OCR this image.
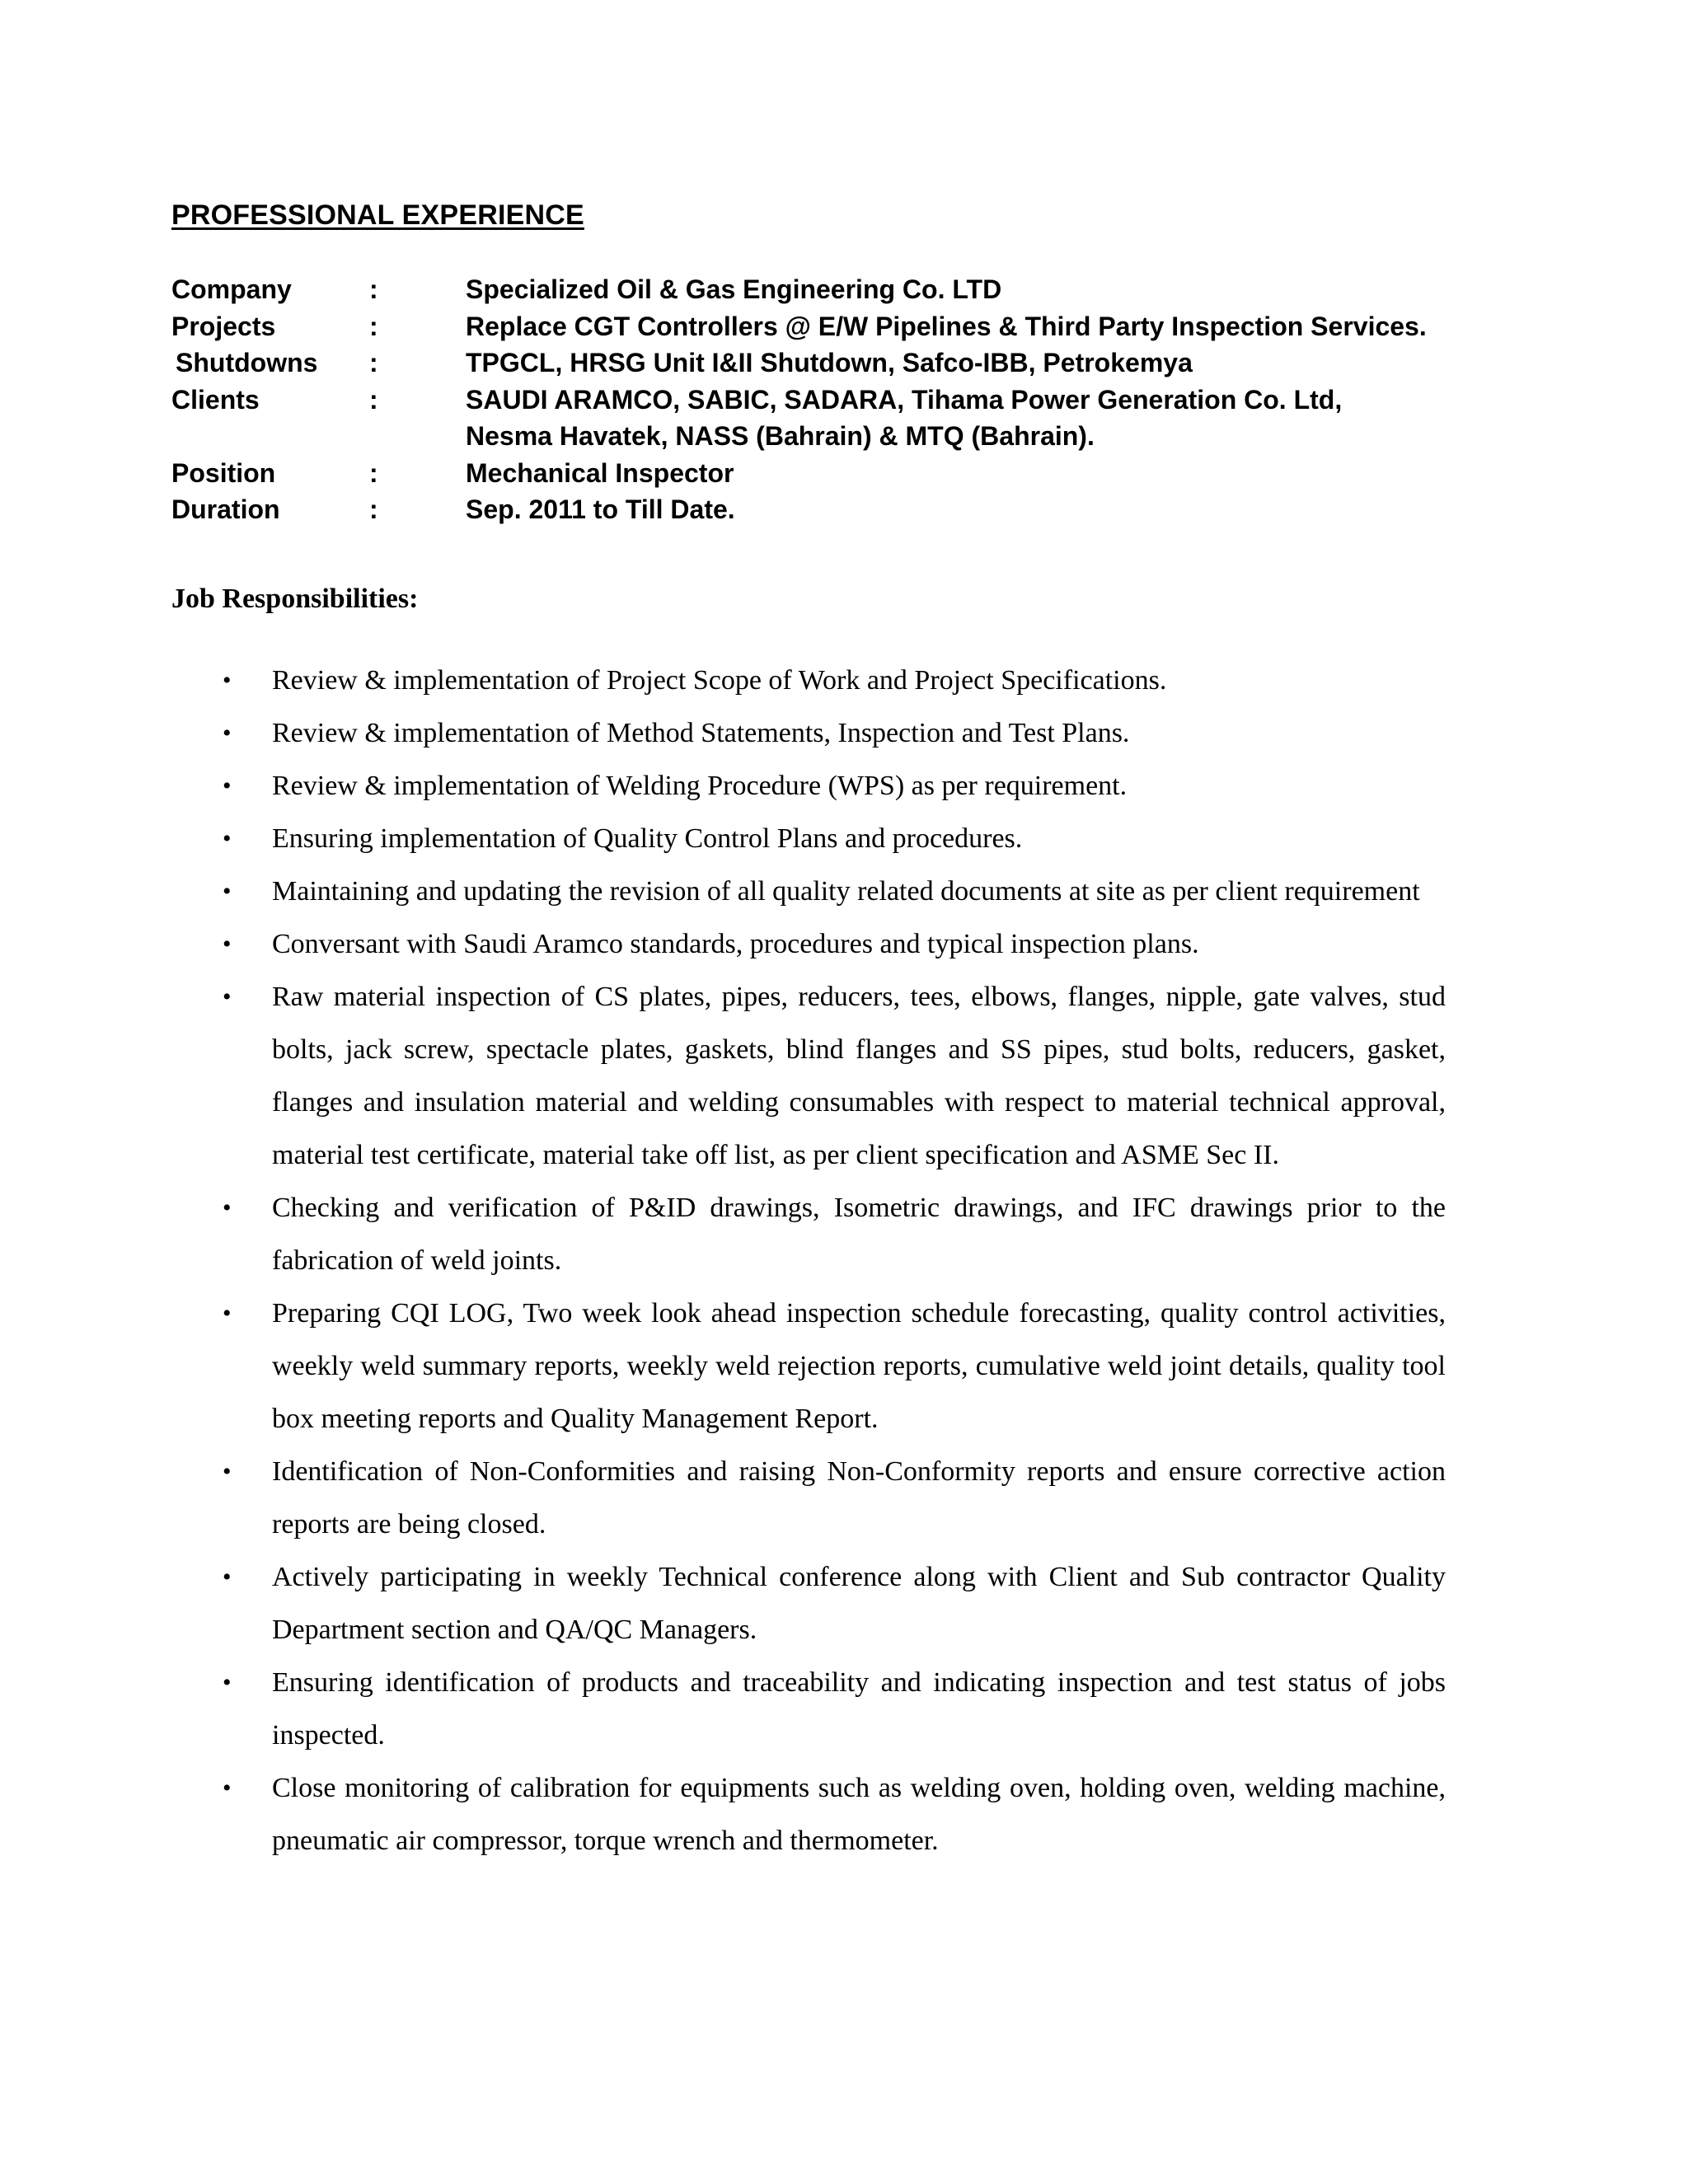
PROFESSIONAL EXPERIENCE
Company	:	Specialized Oil & Gas Engineering Co. LTD
Projects	:	Replace CGT Controllers @ E/W Pipelines & Third Party Inspection Services.
Shutdowns	:	TPGCL, HRSG Unit I&II Shutdown, Safco-IBB, Petrokemya
Clients	:	SAUDI ARAMCO, SABIC, SADARA, Tihama Power Generation Co. Ltd,
Nesma Havatek, NASS (Bahrain) & MTQ (Bahrain).
Position	:	Mechanical Inspector
Duration	:	Sep. 2011 to Till Date.
Job Responsibilities:
•	Review & implementation of Project Scope of Work and Project Specifications.
•	Review & implementation of Method Statements, Inspection and Test Plans.
•	Review & implementation of Welding Procedure (WPS) as per requirement.
•	Ensuring implementation of Quality Control Plans and procedures.
•	Maintaining and updating the revision of all quality related documents at site as per client requirement
•	Conversant with Saudi Aramco standards, procedures and typical inspection plans.
•	Raw material inspection of CS plates, pipes, reducers, tees, elbows, flanges, nipple, gate valves, stud bolts, jack screw, spectacle plates, gaskets, blind flanges and SS pipes, stud bolts, reducers, gasket, flanges and insulation material and welding consumables with respect to material technical approval, material test certificate, material take off list, as per client specification and ASME Sec II.
•	Checking and verification of P&ID drawings, Isometric drawings, and IFC drawings prior to the fabrication of weld joints.
•	Preparing CQI LOG, Two week look ahead inspection schedule forecasting, quality control activities, weekly weld summary reports, weekly weld rejection reports, cumulative weld joint details, quality tool box meeting reports and Quality Management Report.
•	Identification of Non-Conformities and raising Non-Conformity reports and ensure corrective action reports are being closed.
•	Actively participating in weekly Technical conference along with Client and Sub contractor Quality Department section and QA/QC Managers.
•	Ensuring identification of products and traceability and indicating inspection and test status of jobs inspected.
•	Close monitoring of calibration for equipments such as welding oven, holding oven, welding machine, pneumatic air compressor, torque wrench and thermometer.
